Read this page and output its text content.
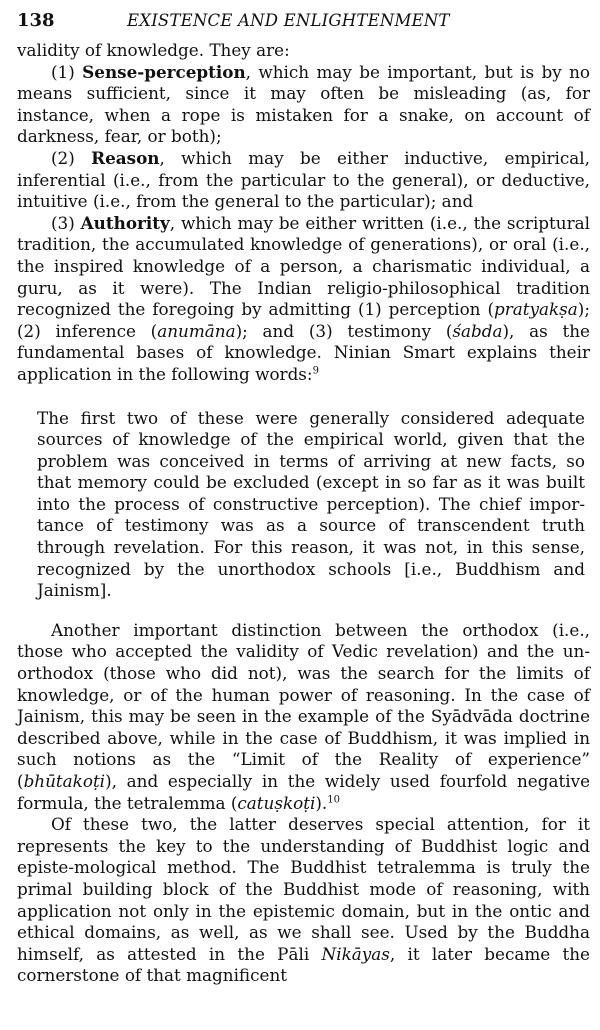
138	EXISTENCE AND ENLIGHTENMENT

validity of knowledge. They are:

(1) Sense-perception, which may be important, but is by no means sufficient, since it may often be misleading (as, for instance, when a rope is mistaken for a snake, on account of darkness, fear, or both);

(2) Reason, which may be either inductive, empirical, inferential (i.e., from the particular to the general), or deductive, intuitive (i.e., from the general to the particular); and

(3) Authority, which may be either written (i.e., the scriptural tradition, the accumulated knowledge of generations), or oral (i.e., the inspired knowledge of a person, a charismatic individual, a guru, as it were). The Indian religio-philosophical tradition recognized the foregoing by admitting (1) perception (pratyakṣa); (2) inference (anumāna); and (3) testimony (śabda), as the fundamental bases of knowledge. Ninian Smart explains their application in the following words:$^9$

The first two of these were generally considered adequate sources of knowledge of the empirical world, given that the problem was conceived in terms of arriving at new facts, so that memory could be excluded (except in so far as it was built into the process of constructive perception). The chief impor-tance of testimony was as a source of transcendent truth through revelation. For this reason, it was not, in this sense, recognized by the unorthodox schools [i.e., Buddhism and Jainism].

Another important distinction between the orthodox (i.e., those who accepted the validity of Vedic revelation) and the un-orthodox (those who did not), was the search for the limits of knowledge, or of the human power of reasoning. In the case of Jainism, this may be seen in the example of the Syādvāda doctrine described above, while in the case of Buddhism, it was implied in such notions as the “Limit of the Reality of experience” (bhūtakoṭi), and especially in the widely used fourfold negative formula, the tetralemma (catuṣkoṭi).$^{10}$

Of these two, the latter deserves special attention, for it represents the key to the understanding of Buddhist logic and episte-mological method. The Buddhist tetralemma is truly the primal building block of the Buddhist mode of reasoning, with application not only in the epistemic domain, but in the ontic and ethical domains, as well, as we shall see. Used by the Buddha himself, as attested in the Pāli Nikāyas, it later became the cornerstone of that magnificent
